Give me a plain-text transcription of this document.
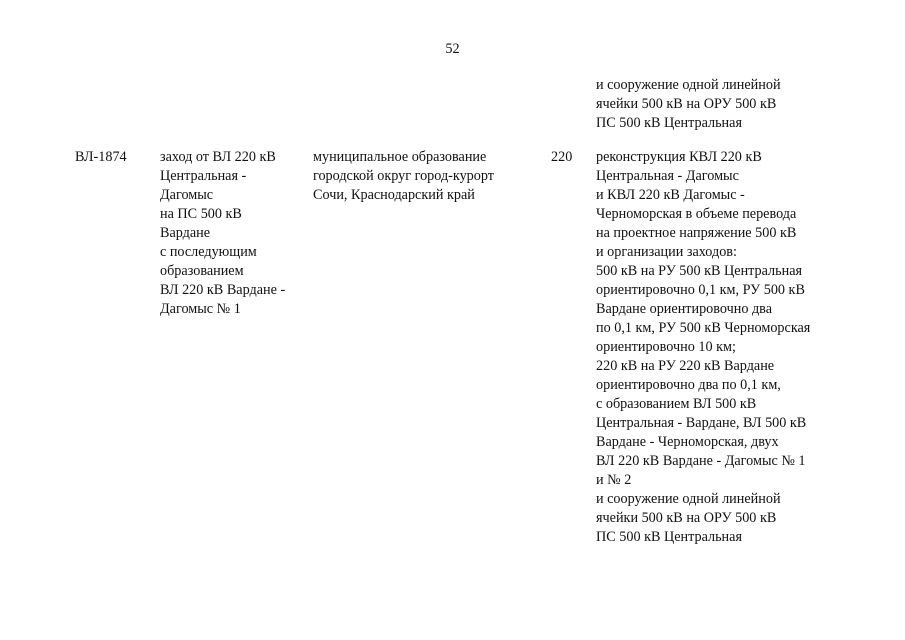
52
и сооружение одной линейной
ячейки 500 кВ на ОРУ 500 кВ
ПС 500 кВ Центральная
ВЛ-1874 заход от ВЛ 220 кВ
Центральная -
Дагомыс
на ПС 500 кВ
Вардане
с последующим
образованием
ВЛ 220 кВ Вардане -
Дагомыс № 1
муниципальное образование
городской округ город-курорт
Сочи, Краснодарский край
220 реконструкция КВЛ 220 кВ
Центральная - Дагомыс
и КВЛ 220 кВ Дагомыс -
Черноморская в объеме перевода
на проектное напряжение 500 кВ
и организации заходов:
500 кВ на РУ 500 кВ Центральная
ориентировочно 0,1 км, РУ 500 кВ
Вардане ориентировочно два
по 0,1 км, РУ 500 кВ Черноморская
ориентировочно 10 км;
220 кВ на РУ 220 кВ Вардане
ориентировочно два по 0,1 км,
с образованием ВЛ 500 кВ
Центральная - Вардане, ВЛ 500 кВ
Вардане - Черноморская, двух
ВЛ 220 кВ Вардане - Дагомыс № 1
и № 2
и сооружение одной линейной
ячейки 500 кВ на ОРУ 500 кВ
ПС 500 кВ Центральная
